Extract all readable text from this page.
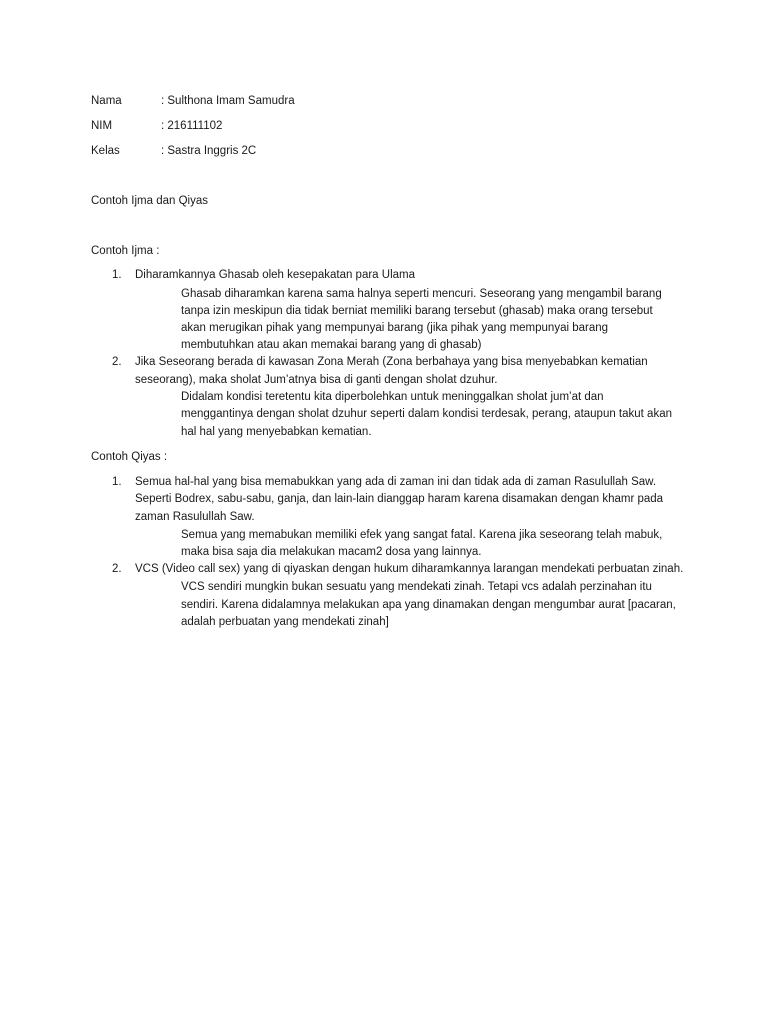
Nama	: Sulthona Imam Samudra
NIM	: 216111102
Kelas	: Sastra Inggris 2C
Contoh Ijma dan Qiyas
Contoh Ijma :
1. Diharamkannya Ghasab oleh kesepakatan para Ulama
Ghasab diharamkan karena sama halnya seperti mencuri. Seseorang yang mengambil barang
tanpa izin meskipun dia tidak berniat memiliki barang tersebut (ghasab) maka orang tersebut
akan merugikan pihak yang mempunyai barang (jika pihak yang mempunyai barang
membutuhkan atau akan memakai barang yang di ghasab)
2. Jika Seseorang berada di kawasan Zona Merah (Zona berbahaya yang bisa menyebabkan kematian
seseorang), maka sholat Jum’atnya bisa di ganti dengan sholat dzuhur.
Didalam kondisi teretentu kita diperbolehkan untuk meninggalkan sholat jum’at dan
menggantinya dengan sholat dzuhur seperti dalam kondisi terdesak, perang, ataupun takut akan
hal hal yang menyebabkan kematian.
Contoh Qiyas :
1. Semua hal-hal yang bisa memabukkan yang ada di zaman ini dan tidak ada di zaman Rasulullah Saw.
Seperti Bodrex, sabu-sabu, ganja, dan lain-lain dianggap haram karena disamakan dengan khamr pada
zaman Rasulullah Saw.
Semua yang memabukan memiliki efek yang sangat fatal. Karena jika seseorang telah mabuk,
maka bisa saja dia melakukan macam2 dosa yang lainnya.
2. VCS (Video call sex) yang di qiyaskan dengan hukum diharamkannya larangan mendekati perbuatan zinah.
VCS sendiri mungkin bukan sesuatu yang mendekati zinah. Tetapi vcs adalah perzinahan itu
sendiri. Karena didalamnya melakukan apa yang dinamakan dengan mengumbar aurat [pacaran,
adalah perbuatan yang mendekati zinah]
